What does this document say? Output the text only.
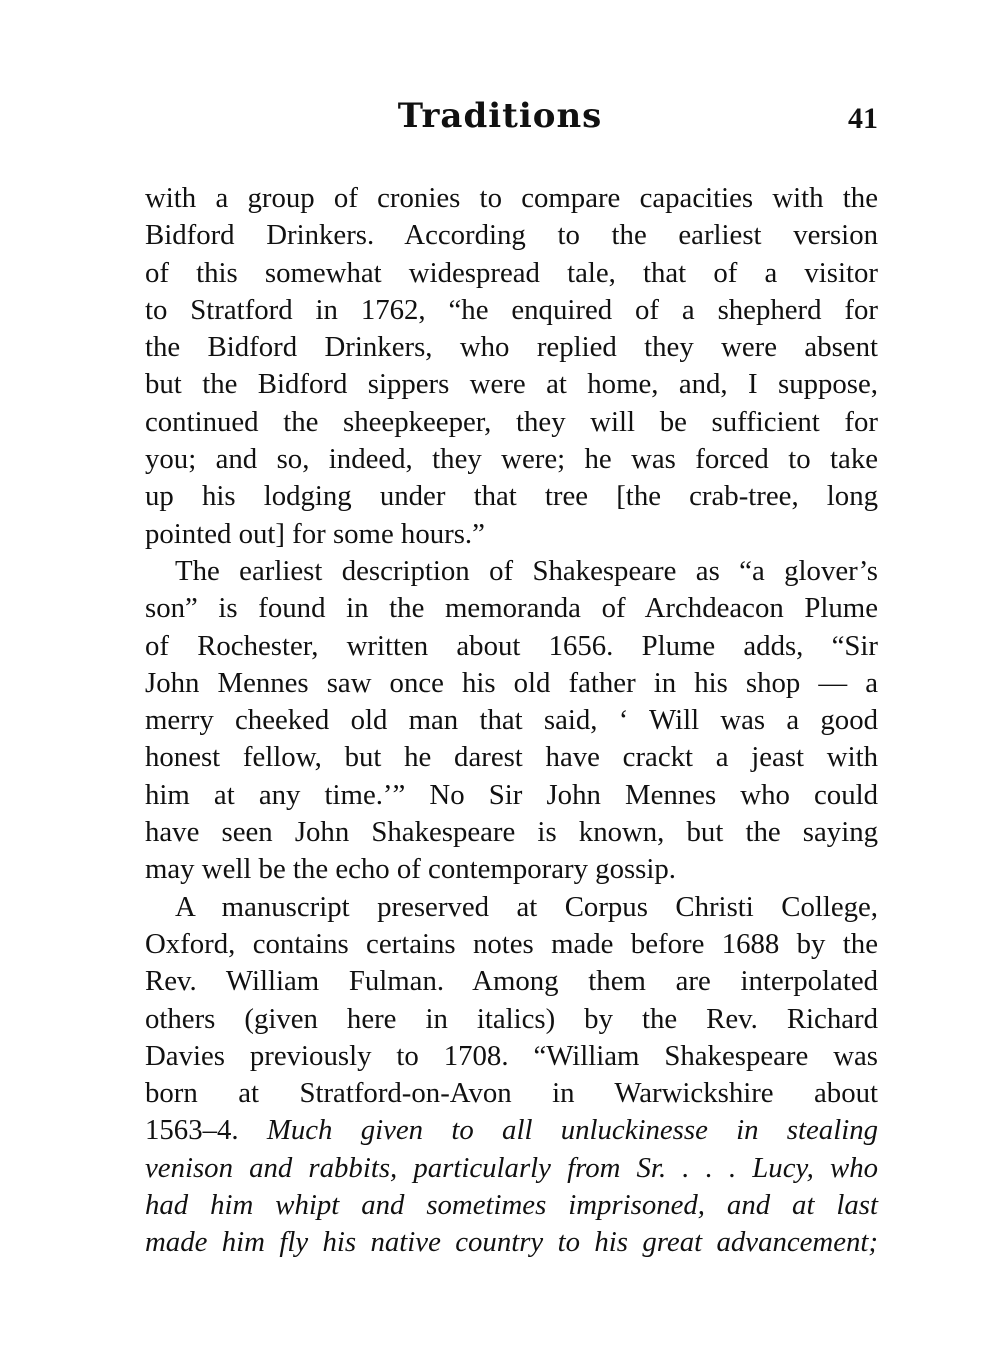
Traditions	41
with a group of cronies to compare capacities with the
Bidford Drinkers. According to the earliest version
of this somewhat widespread tale, that of a visitor
to Stratford in 1762, “he enquired of a shepherd for
the Bidford Drinkers, who replied they were absent
but the Bidford sippers were at home, and, I suppose,
continued the sheepkeeper, they will be sufficient for
you; and so, indeed, they were; he was forced to take
up his lodging under that tree [the crab-tree, long
pointed out] for some hours.”
The earliest description of Shakespeare as “a glover’s
son” is found in the memoranda of Archdeacon Plume
of Rochester, written about 1656. Plume adds, “Sir
John Mennes saw once his old father in his shop — a
merry cheeked old man that said, ‘ Will was a good
honest fellow, but he darest have crackt a jeast with
him at any time.’” No Sir John Mennes who could
have seen John Shakespeare is known, but the saying
may well be the echo of contemporary gossip.
A manuscript preserved at Corpus Christi College,
Oxford, contains certains notes made before 1688 by the
Rev. William Fulman. Among them are interpolated
others (given here in italics) by the Rev. Richard
Davies previously to 1708. “William Shakespeare was
born at Stratford-on-Avon in Warwickshire about
1563–4. Much given to all unluckinesse in stealing
venison and rabbits, particularly from Sr. . . . Lucy, who
had him whipt and sometimes imprisoned, and at last
made him fly his native country to his great advancement;
